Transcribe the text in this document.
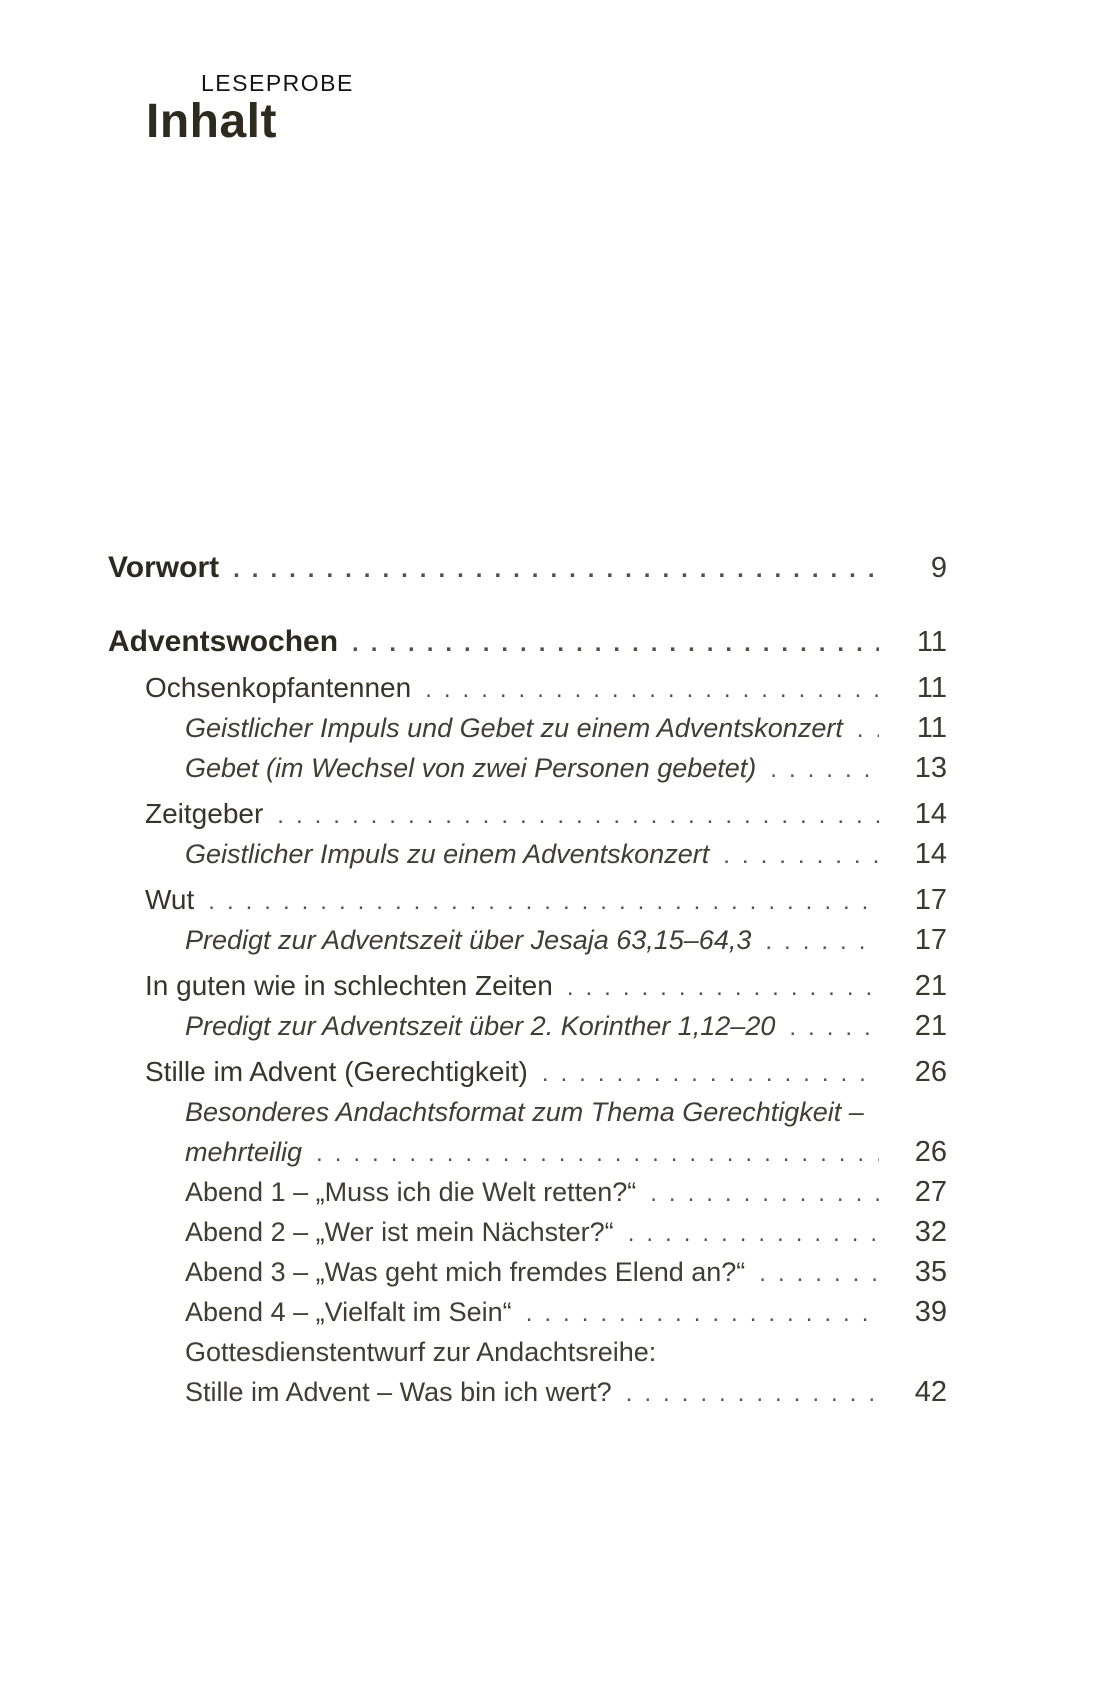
LESEPROBE
Inhalt
Vorwort .....	9
Adventswochen .....	11
Ochsenkopfantennen .....	11
Geistlicher Impuls und Gebet zu einem Adventskonzert .....	11
Gebet (im Wechsel von zwei Personen gebetet) .....	13
Zeitgeber .....	14
Geistlicher Impuls zu einem Adventskonzert .....	14
Wut .....	17
Predigt zur Adventszeit über Jesaja 63,15–64,3 .....	17
In guten wie in schlechten Zeiten .....	21
Predigt zur Adventszeit über 2. Korinther 1,12–20 .....	21
Stille im Advent (Gerechtigkeit) .....	26
Besonderes Andachtsformat zum Thema Gerechtigkeit –
mehrteilig .....	26
Abend 1 – „Muss ich die Welt retten?“ .....	27
Abend 2 – „Wer ist mein Nächster?“ .....	32
Abend 3 – „Was geht mich fremdes Elend an?“ .....	35
Abend 4 – „Vielfalt im Sein“ .....	39
Gottesdienstentwurf zur Andachtsreihe:
Stille im Advent – Was bin ich wert? .....	42
